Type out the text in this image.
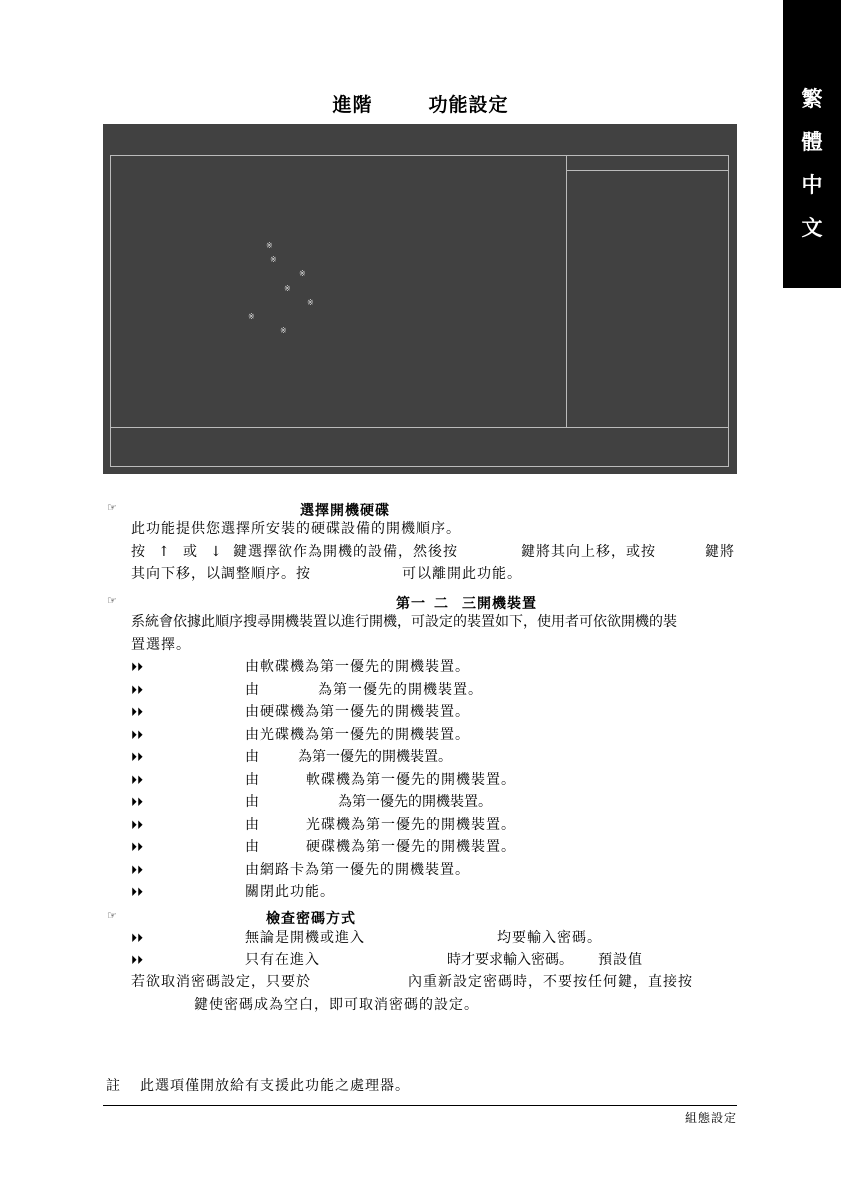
繁
體
中
文
進階	功能設定
※
※
※
※
※
※
※
☞	選擇開機硬碟
此功能提供您選擇所安裝的硬碟設備的開機順序。
按 ↑ 或 ↓ 鍵選擇欲作為開機的設備，然後按	鍵將其向上移，或按	鍵將
其向下移，以調整順序。按	可以離開此功能。
☞	第一 二 三開機裝置
系統會依據此順序搜尋開機裝置以進行開機，可設定的裝置如下，使用者可依欲開機的裝
置選擇。
⏵⏵	由軟碟機為第一優先的開機裝置。
⏵⏵	由	為第一優先的開機裝置。
⏵⏵	由硬碟機為第一優先的開機裝置。
⏵⏵	由光碟機為第一優先的開機裝置。
⏵⏵	由	為第一優先的開機裝置。
⏵⏵	由	軟碟機為第一優先的開機裝置。
⏵⏵	由	為第一優先的開機裝置。
⏵⏵	由	光碟機為第一優先的開機裝置。
⏵⏵	由	硬碟機為第一優先的開機裝置。
⏵⏵	由網路卡為第一優先的開機裝置。
⏵⏵	關閉此功能。
☞	檢查密碼方式
⏵⏵	無論是開機或進入	均要輸入密碼。
⏵⏵	只有在進入	時才要求輸入密碼。 預設值
若欲取消密碼設定，只要於	內重新設定密碼時，不要按任何鍵，直接按
鍵使密碼成為空白，即可取消密碼的設定。
註 此選項僅開放給有支援此功能之處理器。
組態設定
